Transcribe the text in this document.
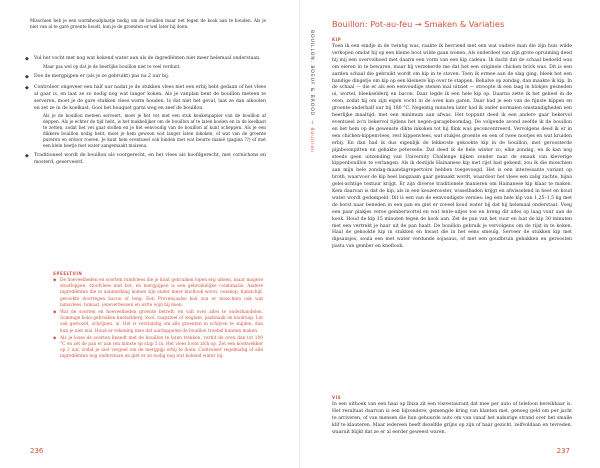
Misschien heb je een warmhoudplaatje nodig om de bouillon maar net tegen de kook aan te houden. Als je niet van al te gare groente houdt, kun je de groenten er wel later bij doen.

◆ Vul het vocht met nog wat kokend water aan als de ingrediënten niet meer helemaal onderstaan.
Maar pas wel op dat je de heerlijke bouillon niet te veel verdunt.
◆ Doe de mergpijpen er (als je ze gebruikt) pas na 2 uur bij.
◆ Controleer ongeveer een half uur nadat je de stukken vlees met een erbij hebt gedaan of het vlees al gaar is, en laat ze zo nodig nog wat langer koken. Als je vanplan bent de bouillon meteen te serveren, moet je de gare stukken vlees warm houden. Is dat niet het geval, laat ze dan alkoolen en zet ze in de koelkast. Gooi het bouquet garni weg en zeef de bouillon.
Als je de bouillon meteen serveert, moet je het vet met een stuk keukenpapier van de bouillon af deppen. Als je echter de tijd hebt, is het makkelijker om de bouillon af te laten koelen en in de koelkast te zetten, zodat het vet gaat stollen en je het eenvoudig van de bouillon af kunt scheppen. Als je een dikkere bouillon nodig hebt, moet je hem gewoon wat langer laten inkoken, of wat van de groente pureren en erdoor roeren. Je kunt hem eventueel ook binden met wat beurre manié (pagina ??) of met een klein beetje met water aangemaakt maizena.
◆ Traditioneel wordt de bouillon als voorgerecht, en het vlees als hoofdgerecht, met cornichons en mosterd, geserveerd.
SPEELTUIN
◆ De hoeveelheden en soorten rundvlees die je kunt gebruiken lopen erg uiteen, maar magere stoofloppen, stoofvlees met bot, en mergpijpen is een gebruikelijke combinatie. Andere ingrediënten die in aanmerking komen zijn onder meer knoflook worst, ossekop, hamschijf, gerookte doorregen bacon of tong. Een Provençaalse kok zou er misschien ook wat lamsvlees, tomaat, jeneverbessen en witte wijn bij doen.
◆ Wat de soorten en hoeveelheden groente betreft: en valt over alles te onderhandelen. Sommige koks gebruiken knolselderij, kool, raapsteel of weglate, pastinaak en koolraap. Let ook gestoofd, schrijnen, ui. Het is verstandig om alle groenten in schijven te snijden, dan kun je niet mis. Houd er rekening mee dat aardappelen de bouillon troebel kunnen maken.
◆ Als je losse de soorten kneedt met de bouillon te laten trekken, verhit de oven dan tot 100 °C en zet de pan er aan ten minste op stap 5 in. Het vlees loont zich op. Zet een kookwekker op 2 uur, zodat je niet vergeet om de mergpijp erbij te doen. Controleer regelmatig of alle ingrediënten nog onderstaan en giet er zo nodig nog wat kokend water bij.
236
BOUILLON, BOEUF & BROOD→ Bouillon
Bouillon: Pot-au-feu → Smaken & Variaties
KIP

Toen ik een eindje in de twintig was, raakte ik bevriend met een wat oudere man die zijn huis wilde verkopen omdat hij op een kleine boot wilde gaan wonen. Als onderdeel van zijn grote opruiming deed hij mij een overvolhoed met daarin een vorm van een kip cadeau. Ik dacht dat de schaal bedoeld was om eieren in te bewaren, maar hij verzekerde me dat het een originele chicken brick was. Dit is een aarden schaal die gebruikt wordt om kip in te stoven. Toen ik ermee aan de slag ging, bleek het een handige dingetje om kip op een kleinere kip over te stappen. Behalve op zondag, dan maakte ik kip. In de schaal — die er als een eenvoudige stenen mal uitziet — stroopte ik een laag in blokjes gesneden ui, wortel, bleekselderij en bacon. Daar legde ik een hele kip op. Daarna zette ik het geheel in de oven, zodat hij om zijn eigen vocht in de oven kan garen. Daar had je een van de fijnste kippen en groente-anderhalf uur bij 180 °C. Negentig minuten later had ik onder normalen omstandigheden een heerlijke maaltijd: met een minimum aan afwas. Het toppunt deed ik een andere gaar bekervol eventueel zo'n bekervol tijdens het negen-garageboomdag. De volgende avond zeefde ik de bouillon en liet hem op de gewenste dikte inkoken tot hij flink was geconcentreerd. Vervolgens deed ik er in een chicken-kippenvlees, rest kippenvlees, wat stukjes groente en een of twee nootjes en wat kruiden erbij. En dan had ik dus eigenlijk de lekkerste gekookte kip in de bouillon, met geroosterde pijnboompitten en gehakte peterselie. Dat deed ik de hele winter zo, elke zondag, en ik kan nog steeds geen uitzending van University Challenge kijken zonder naar de smaak van kleverige kippenbouillon te verlangen. Als ik destijds Hainanese kip met rijst had gekend, zou ik die misschien aan mijn hele zondag-maandagrepertoire hebben toegevoegd. Het is een interessante variant op broth, waarvoor de kip heel langzaam gaar gemaakt wordt, waardoor het vlees een zalig zachte, bijna gelei-achtige textuur krijgt. Er zijn diverse traditionele manieren om Hainanese kip klaar te maken. Kem daarvan is dat de kip, als in een keuzerooster, wisselbaden krijgt en afwisselend in heet en koud water wordt gedompeld. Dit is een van de eenvoudigste versies: leg een hele kip van 1,25–1,5 kg met de borst naar beneden in een pan en giet er zoveel koud water bij dat hij helemaal onderstaat. Voeg een paar plakjes verse gemberwortel en wat lente-uitjes toe en breng dit alles op laag vuur aan de kook. Houd de kip 15 minuten tegen de kook aan. Zet de pan van het vuur en laat de kip 30 minuten met een vertrekt je haar uit de pan haalt. De bouillon gebruik je vervolgens om de rijst in te koken. Haal de gekookte kip in stukken en kwast die in het eens smeuïg. Serveer de stukken kip met dipsausjes, soula een met water verdunde sojasaus, of met een goudbruin gebakken en geroosten pasta van gember en knoflook.

VIS

In een uithoek van een haai op Ibiza zit een visrestaurant dat mee per auto of telefoon bereikbaar is. Het resultaat daarvan is een bijzondere, gemengde kring van klanten met, genoeg geld om per jacht te arriveren, of van mensen die hun gehuurde auto om van vanaf het naburige strand over het smalle klif te klauteren. Maar iedereen heeft dezelfde grijns op zijn of haar gezicht, zelfvoldaan en tevreden, waaruit blijkt dat ze er al eerder geweest waren.

237
